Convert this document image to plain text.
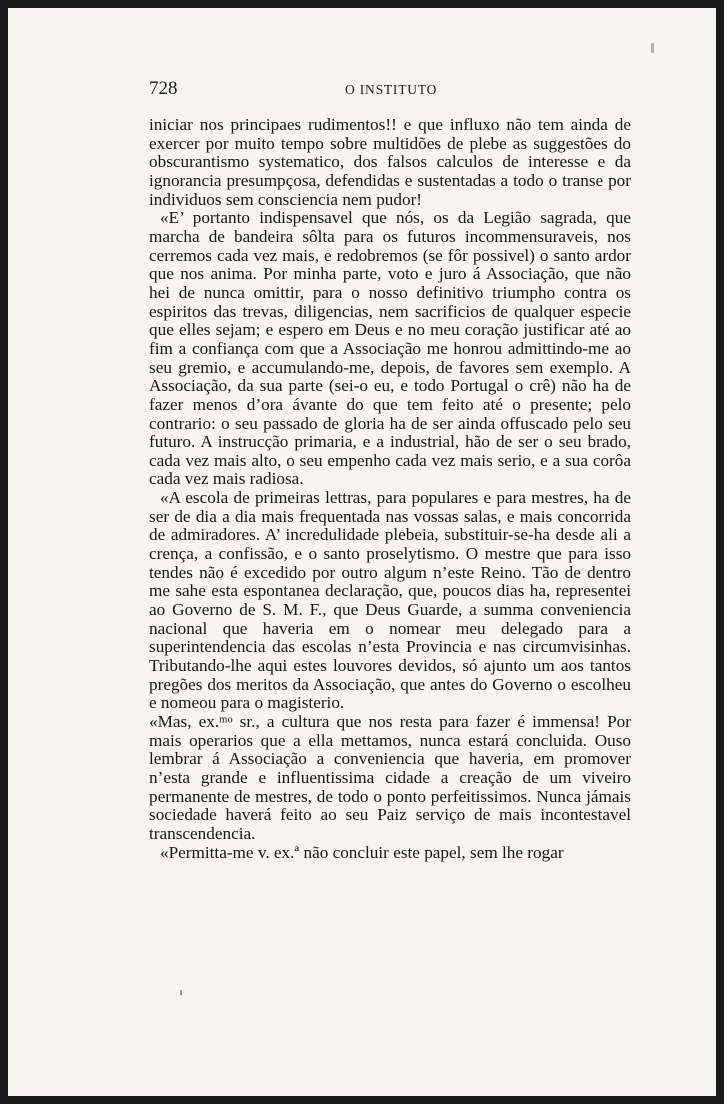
728	O INSTITUTO

iniciar nos principaes rudimentos!! e que influxo não tem ainda de exercer por muito tempo sobre multidões de plebe as suggestões do obscurantismo systematico, dos falsos calculos de interesse e da ignorancia presumpçosa, defendidas e sustentadas a todo o transe por individuos sem consciencia nem pudor!

«E’ portanto indispensavel que nós, os da Legião sagrada, que marcha de bandeira sôlta para os futuros incommensuraveis, nos cerremos cada vez mais, e redobremos (se fôr possivel) o santo ardor que nos anima. Por minha parte, voto e juro á Associação, que não hei de nunca omittir, para o nosso definitivo triumpho contra os espiritos das trevas, diligencias, nem sacrificios de qualquer especie que elles sejam; e espero em Deus e no meu coração justificar até ao fim a confiança com que a Associação me honrou admittindo-me ao seu gremio, e accumulando-me, depois, de favores sem exemplo. A Associação, da sua parte (sei-o eu, e todo Portugal o crê) não ha de fazer menos d’ora ávante do que tem feito até o presente; pelo contrario: o seu passado de gloria ha de ser ainda offuscado pelo seu futuro. A instrucção primaria, e a industrial, hão de ser o seu brado, cada vez mais alto, o seu empenho cada vez mais serio, e a sua corôa cada vez mais radiosa.

«A escola de primeiras lettras, para populares e para mestres, ha de ser de dia a dia mais frequentada nas vossas salas, e mais concorrida de admiradores. A’ incredulidade plebeia, substituir-se-ha desde ali a crença, a confissão, e o santo proselytismo. O mestre que para isso tendes não é excedido por outro algum n’este Reino. Tão de dentro me sahe esta espontanea declaração, que, poucos dias ha, representei ao Governo de S. M. F., que Deus Guarde, a summa conveniencia nacional que haveria em o nomear meu delegado para a superintendencia das escolas n’esta Provincia e nas circumvisinhas. Tributando-lhe aqui estes louvores devidos, só ajunto um aos tantos pregões dos meritos da Associação, que antes do Governo o escolheu e nomeou para o magisterio.

«Mas, ex.ᵐᵒ sr., a cultura que nos resta para fazer é immensa! Por mais operarios que a ella mettamos, nunca estará concluida. Ouso lembrar á Associação a conveniencia que haveria, em promover n’esta grande e influentissima cidade a creação de um viveiro permanente de mestres, de todo o ponto perfeitissimos. Nunca jámais sociedade haverá feito ao seu Paiz serviço de mais incontestavel transcendencia.

«Permitta-me v. ex.ª não concluir este papel, sem lhe rogar
